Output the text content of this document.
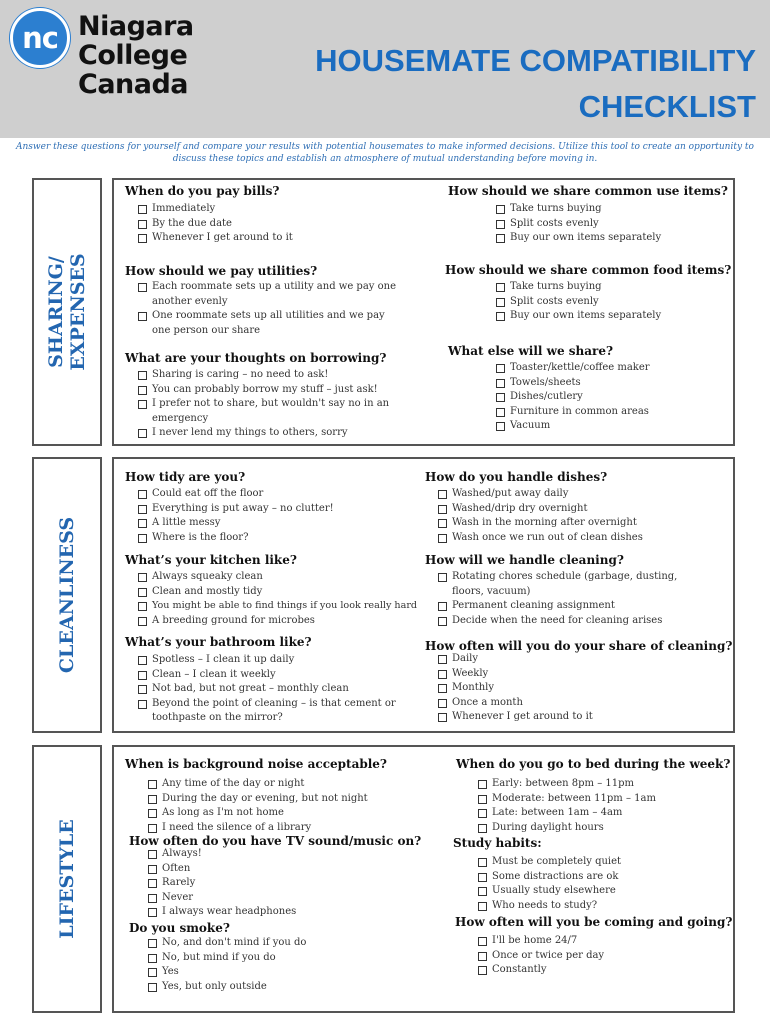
nc Niagara
College
Canada
HOUSEMATE COMPATIBILITY
CHECKLIST
Answer these questions for yourself and compare your results with potential housemates to make informed decisions. Utilize this tool to create an opportunity to discuss these topics and establish an atmosphere of mutual understanding before moving in.
SHARING/ EXPENSES
When do you pay bills?
Immediately
By the due date
Whenever I get around to it
How should we share common use items?
Take turns buying
Split costs evenly
Buy our own items separately
How should we pay utilities?
Each roommate sets up a utility and we pay one another evenly
One roommate sets up all utilities and we pay one person our share
How should we share common food items?
Take turns buying
Split costs evenly
Buy our own items separately
What are your thoughts on borrowing?
Sharing is caring – no need to ask!
You can probably borrow my stuff – just ask!
I prefer not to share, but wouldn't say no in an emergency
I never lend my things to others, sorry
What else will we share?
Toaster/kettle/coffee maker
Towels/sheets
Dishes/cutlery
Furniture in common areas
Vacuum
CLEANLINESS
How tidy are you?
Could eat off the floor
Everything is put away – no clutter!
A little messy
Where is the floor?
How do you handle dishes?
Washed/put away daily
Washed/drip dry overnight
Wash in the morning after overnight
Wash once we run out of clean dishes
What’s your kitchen like?
Always squeaky clean
Clean and mostly tidy
You might be able to find things if you look really hard
A breeding ground for microbes
How will we handle cleaning?
Rotating chores schedule (garbage, dusting, floors, vacuum)
Permanent cleaning assignment
Decide when the need for cleaning arises
What’s your bathroom like?
Spotless – I clean it up daily
Clean – I clean it weekly
Not bad, but not great – monthly clean
Beyond the point of cleaning – is that cement or toothpaste on the mirror?
How often will you do your share of cleaning?
Daily
Weekly
Monthly
Once a month
Whenever I get around to it
LIFESTYLE
When is background noise acceptable?
Any time of the day or night
During the day or evening, but not night
As long as I'm not home
I need the silence of a library
When do you go to bed during the week?
Early: between 8pm – 11pm
Moderate: between 11pm – 1am
Late: between 1am – 4am
During daylight hours
How often do you have TV sound/music on?
Always!
Often
Rarely
Never
I always wear headphones
Study habits:
Must be completely quiet
Some distractions are ok
Usually study elsewhere
Who needs to study?
Do you smoke?
No, and don't mind if you do
No, but mind if you do
Yes
Yes, but only outside
How often will you be coming and going?
I'll be home 24/7
Once or twice per day
Constantly
